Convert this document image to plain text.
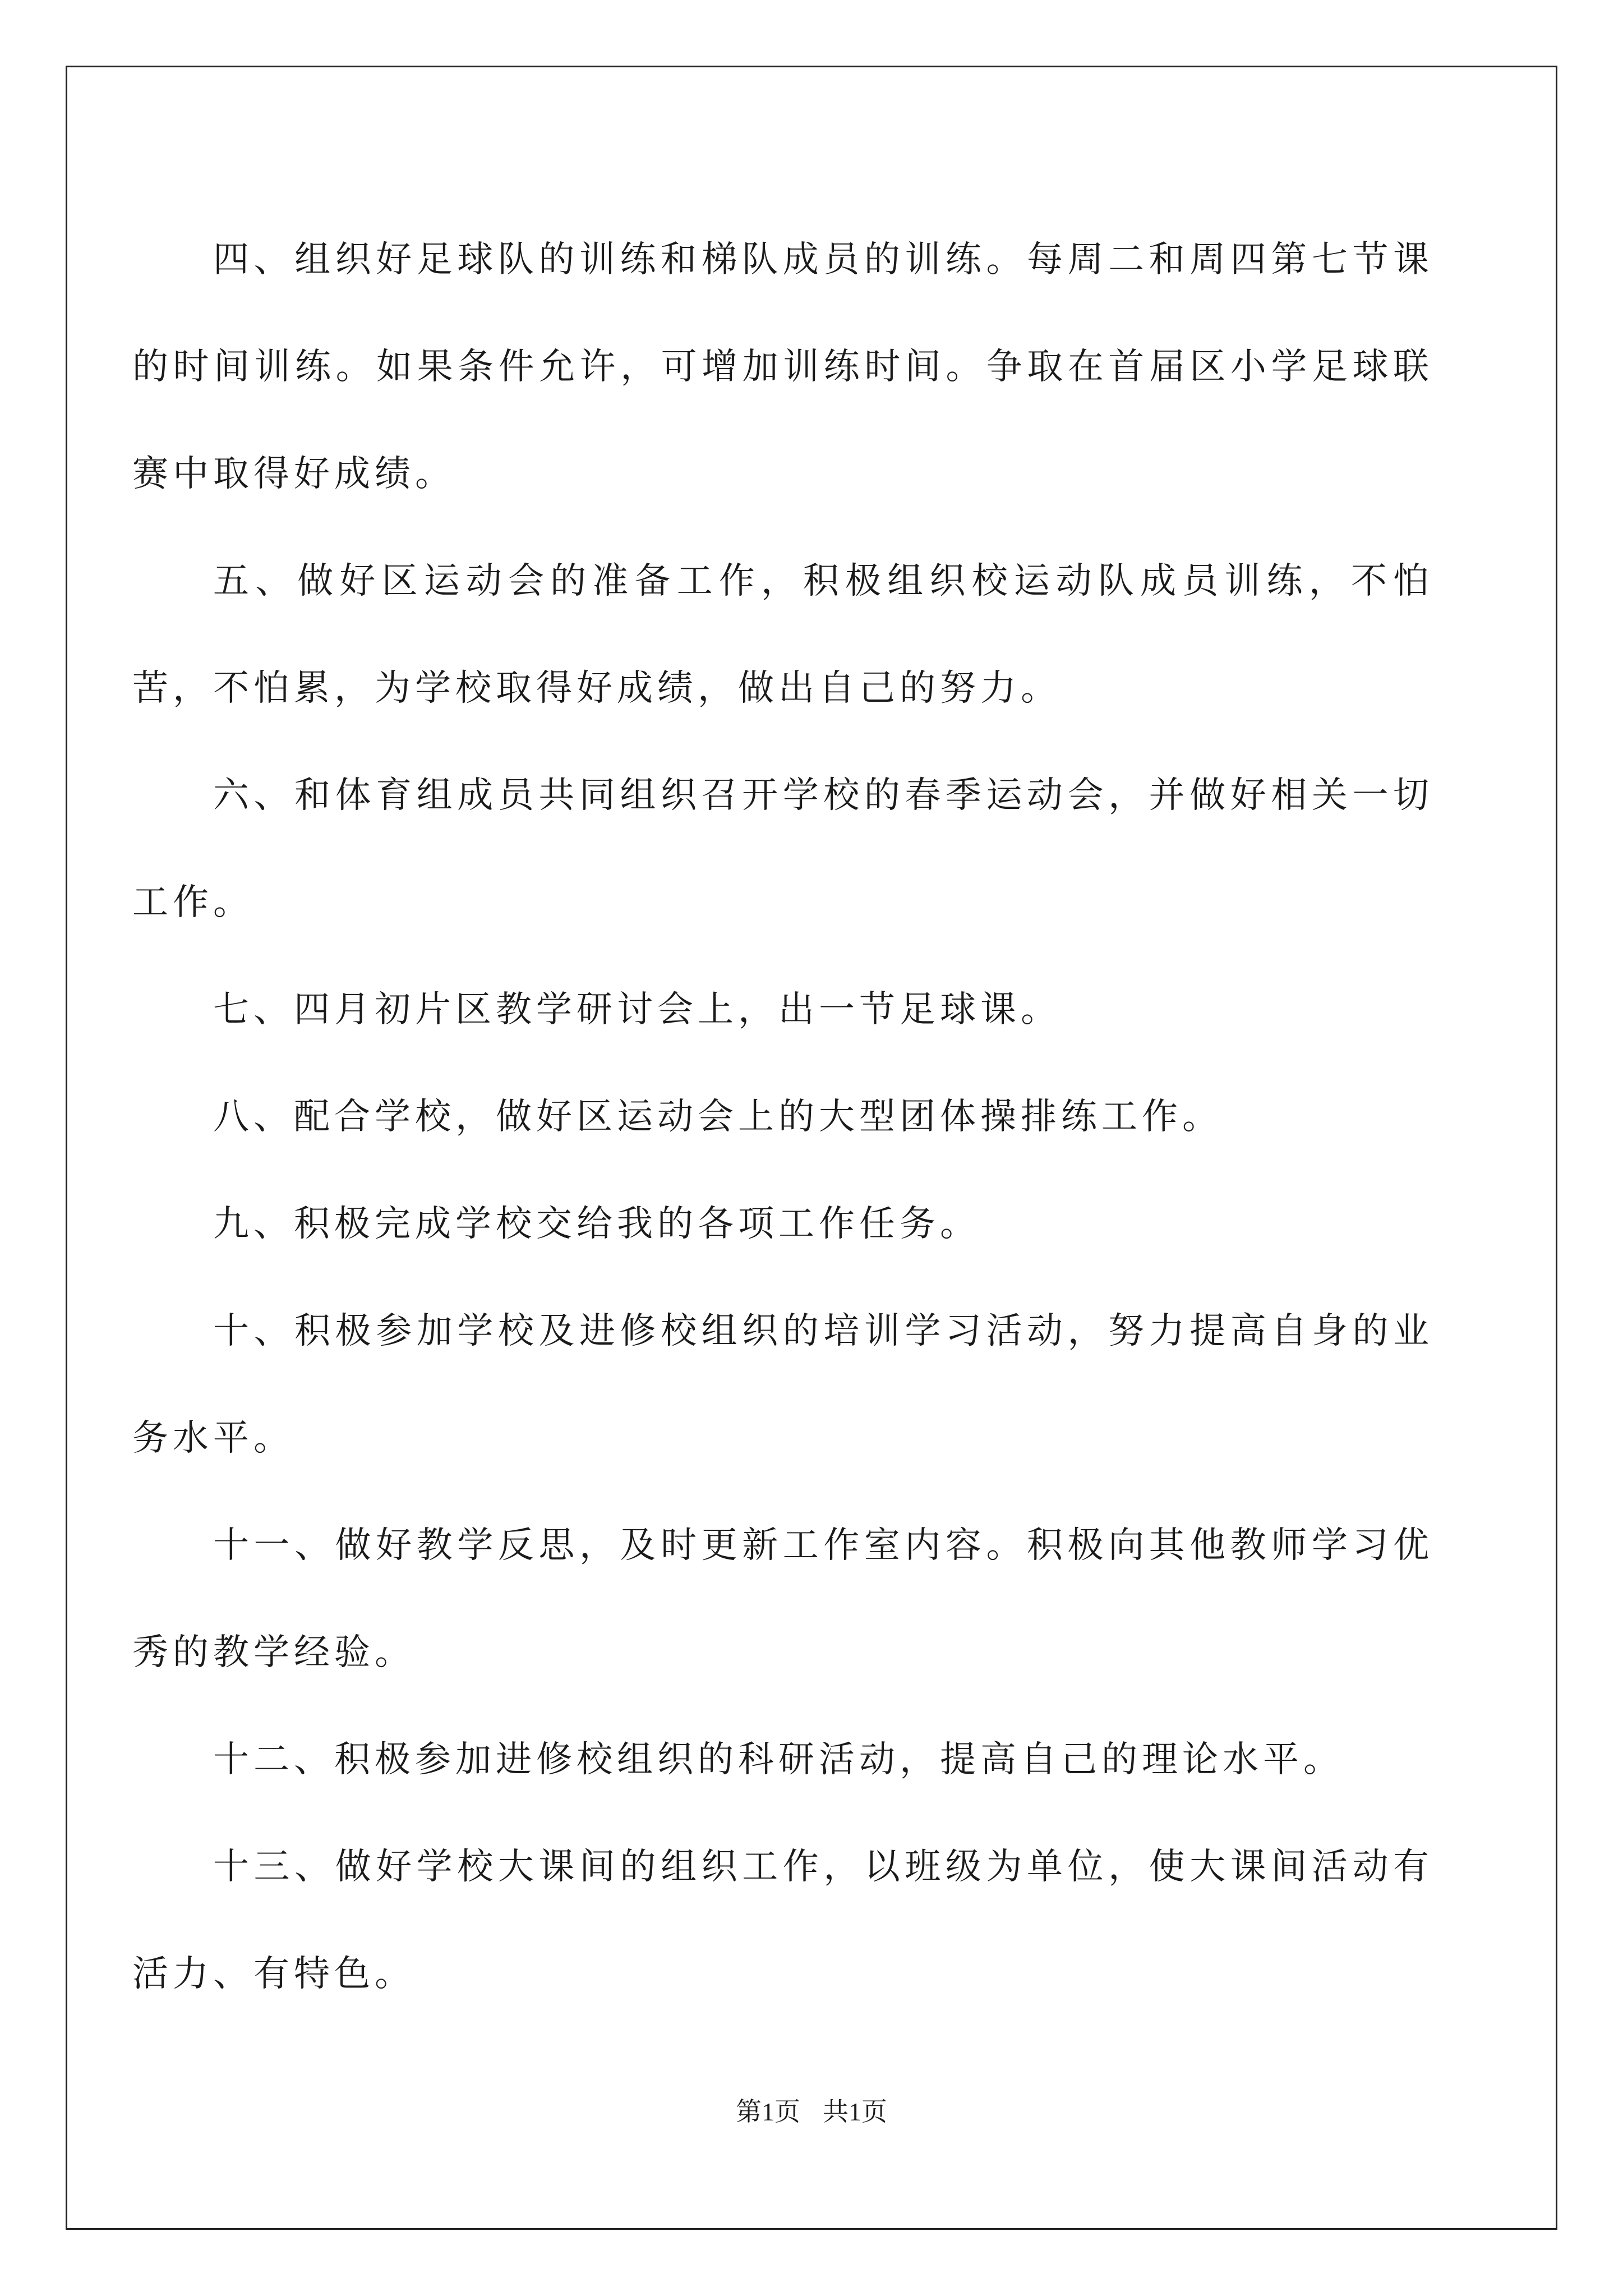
四、组织好足球队的训练和梯队成员的训练。每周二和周四第七节课的时间训练。如果条件允许，可增加训练时间。争取在首届区小学足球联赛中取得好成绩。

五、做好区运动会的准备工作，积极组织校运动队成员训练，不怕苦，不怕累，为学校取得好成绩，做出自己的努力。

六、和体育组成员共同组织召开学校的春季运动会，并做好相关一切工作。

七、四月初片区教学研讨会上，出一节足球课。

八、配合学校，做好区运动会上的大型团体操排练工作。

九、积极完成学校交给我的各项工作任务。

十、积极参加学校及进修校组织的培训学习活动，努力提高自身的业务水平。

十一、做好教学反思，及时更新工作室内容。积极向其他教师学习优秀的教学经验。

十二、积极参加进修校组织的科研活动，提高自己的理论水平。

十三、做好学校大课间的组织工作，以班级为单位，使大课间活动有活力、有特色。

第1页 共1页
